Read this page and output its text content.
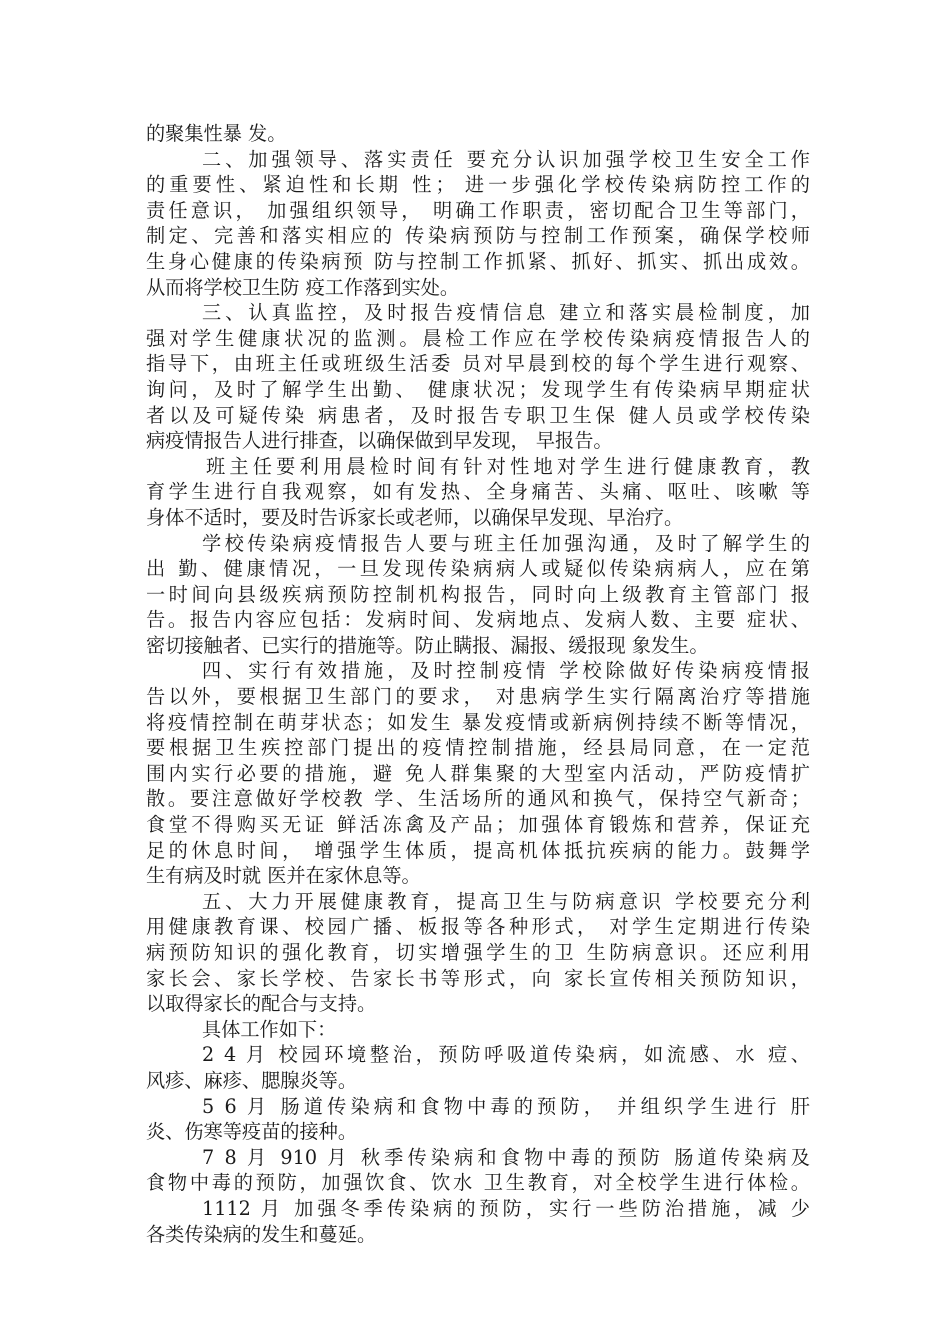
的聚集性暴 发。
二、加强领导、落实责任 要充分认识加强学校卫生安全工作
的重要性、紧迫性和长期 性； 进一步强化学校传染病防控工作的
责任意识， 加强组织领导， 明确工作职责，密切配合卫生等部门，
制定、完善和落实相应的 传染病预防与控制工作预案，确保学校师
生身心健康的传染病预 防与控制工作抓紧、抓好、抓实、抓出成效。
从而将学校卫生防 疫工作落到实处。
三、认真监控，及时报告疫情信息 建立和落实晨检制度，加
强对学生健康状况的监测。晨检工作应在学校传染病疫情报告人的
指导下，由班主任或班级生活委 员对早晨到校的每个学生进行观察、
询问，及时了解学生出勤、 健康状况；发现学生有传染病早期症状
者以及可疑传染 病患者，及时报告专职卫生保 健人员或学校传染
病疫情报告人进行排查，以确保做到早发现， 早报告。
班主任要利用晨检时间有针对性地对学生进行健康教育，教
育学生进行自我观察，如有发热、全身痛苦、头痛、呕吐、咳嗽 等
身体不适时，要及时告诉家长或老师，以确保早发现、早治疗。
学校传染病疫情报告人要与班主任加强沟通，及时了解学生的
出 勤、健康情况，一旦发现传染病病人或疑似传染病病人，应在第
一时间向县级疾病预防控制机构报告，同时向上级教育主管部门 报
告。报告内容应包括：发病时间、发病地点、发病人数、主要 症状、
密切接触者、已实行的措施等。防止瞒报、漏报、缓报现 象发生。
四、实行有效措施，及时控制疫情 学校除做好传染病疫情报
告以外，要根据卫生部门的要求， 对患病学生实行隔离治疗等措施
将疫情控制在萌芽状态；如发生 暴发疫情或新病例持续不断等情况，
要根据卫生疾控部门提出的疫情控制措施，经县局同意，在一定范
围内实行必要的措施，避 免人群集聚的大型室内活动，严防疫情扩
散。要注意做好学校教 学、生活场所的通风和换气，保持空气新奇；
食堂不得购买无证 鲜活冻禽及产品；加强体育锻炼和营养，保证充
足的休息时间， 增强学生体质，提高机体抵抗疾病的能力。鼓舞学
生有病及时就 医并在家休息等。
五、大力开展健康教育，提高卫生与防病意识 学校要充分利
用健康教育课、校园广播、板报等各种形式， 对学生定期进行传染
病预防知识的强化教育，切实增强学生的卫 生防病意识。还应利用
家长会、家长学校、告家长书等形式，向 家长宣传相关预防知识，
以取得家长的配合与支持。
具体工作如下：
2 4 月 校园环境整治，预防呼吸道传染病，如流感、水 痘、
风疹、麻疹、腮腺炎等。
5 6 月 肠道传染病和食物中毒的预防， 并组织学生进行 肝
炎、伤寒等疫苗的接种。
7 8 月 910 月 秋季传染病和食物中毒的预防 肠道传染病及
食物中毒的预防，加强饮食、饮水 卫生教育，对全校学生进行体检。
1112 月 加强冬季传染病的预防，实行一些防治措施，减 少
各类传染病的发生和蔓延。
